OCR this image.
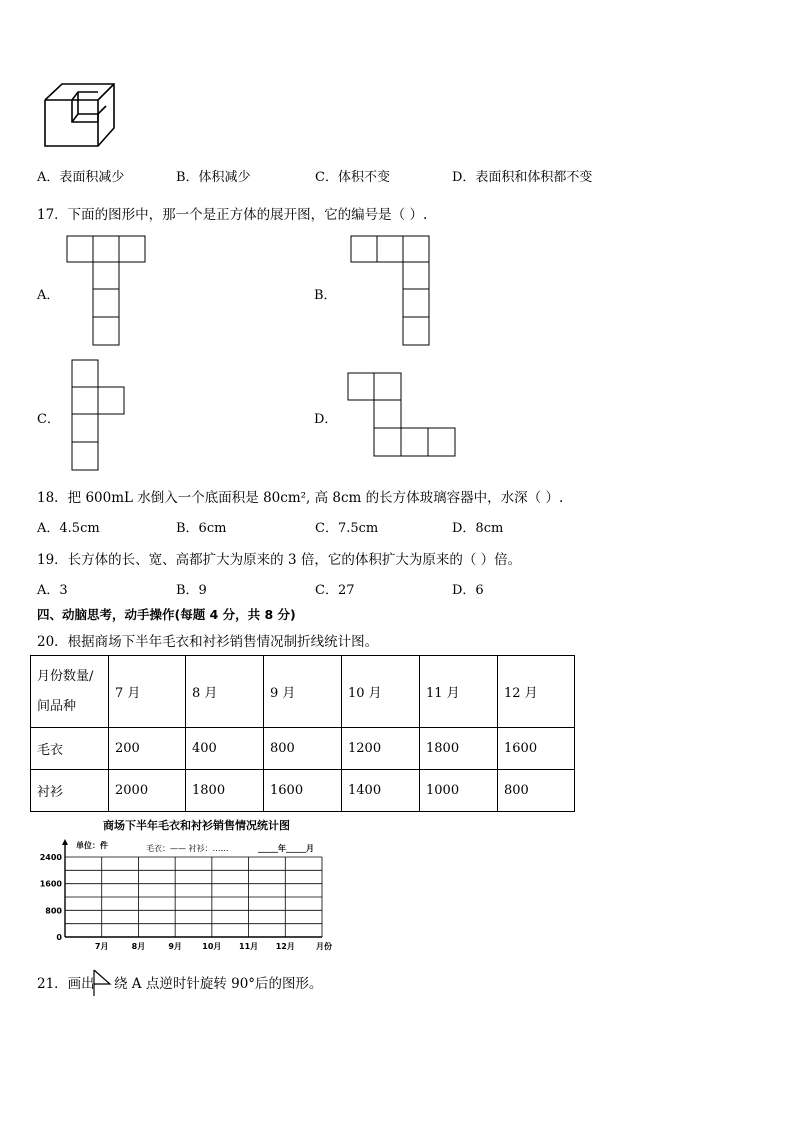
A．表面积减少	B．体积减少	C．体积不变	D．表面积和体积都不变
17．下面的图形中，那一个是正方体的展开图，它的编号是（ ）.
A．	B．
C．	D．
18．把 600mL 水倒入一个底面积是 80cm², 高 8cm 的长方体玻璃容器中，水深（ ）.
A．4.5cm	B．6cm	C．7.5cm	D．8cm
19．长方体的长、宽、高都扩大为原来的 3 倍，它的体积扩大为原来的（ ）倍。
A．3	B．9	C．27	D．6
四、动脑思考，动手操作(每题 4 分，共 8 分)
20．根据商场下半年毛衣和衬衫销售情况制折线统计图。
月份数量/
间品种	7 月	8 月	9 月	10 月	11 月	12 月
毛衣	200	400	800	1200	1800	1600
衬衫	2000	1800	1600	1400	1000	800
商场下半年毛衣和衬衫销售情况统计图
单位：件	毛衣：—— 衬衫：……	_____年_____月
0
800
1600
2400
7月	8月	9月	10月 11月 12月	月份
21．画出 绕 A 点逆时针旋转 90°后的图形。
